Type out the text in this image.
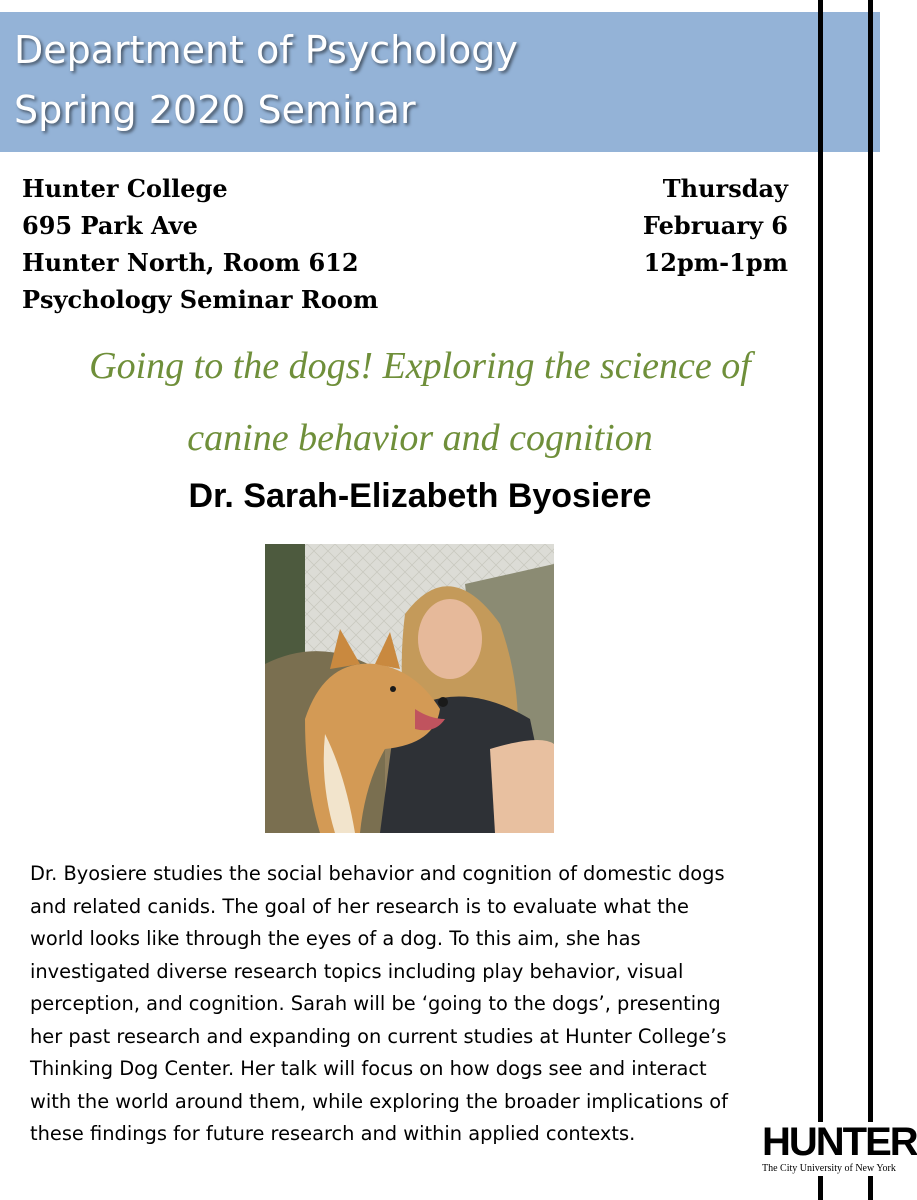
Department of Psychology
Spring 2020 Seminar
Hunter College
695 Park Ave
Hunter North, Room 612
Psychology Seminar Room
Thursday
February 6
12pm-1pm
Going to the dogs! Exploring the science of
canine behavior and cognition
Dr. Sarah-Elizabeth Byosiere

Dr. Byosiere studies the social behavior and cognition of domestic dogs
and related canids. The goal of her research is to evaluate what the
world looks like through the eyes of a dog. To this aim, she has
investigated diverse research topics including play behavior, visual
perception, and cognition. Sarah will be ‘going to the dogs’, presenting
her past research and expanding on current studies at Hunter College’s
Thinking Dog Center. Her talk will focus on how dogs see and interact
with the world around them, while exploring the broader implications of
these findings for future research and within applied contexts.	HUNTER
The City University of New York
